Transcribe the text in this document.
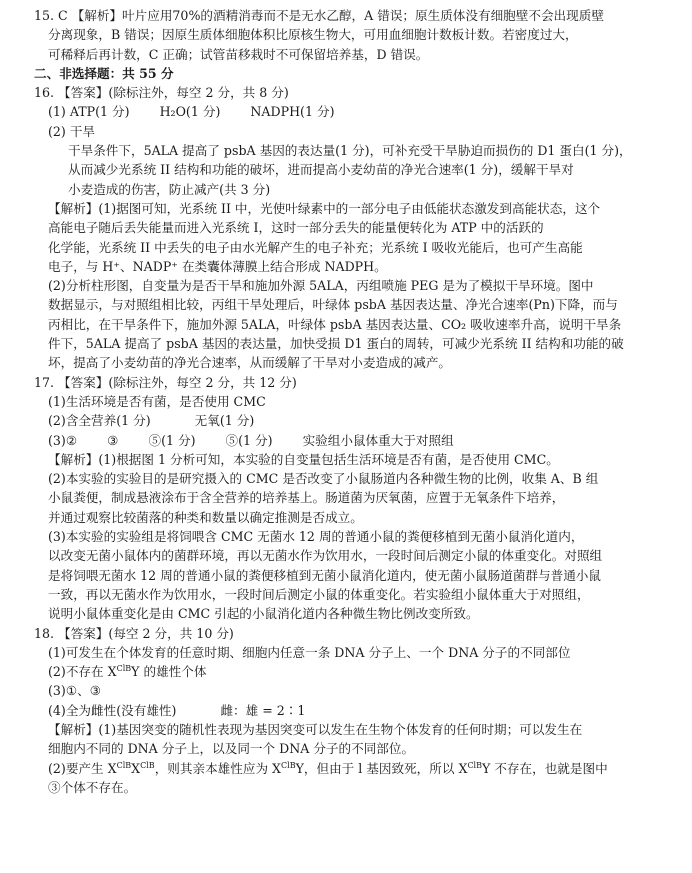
15. C 【解析】叶片应用70%的酒精消毒而不是无水乙醇，A 错误；原生质体没有细胞壁不会出现质壁
分离现象，B 错误；因原生质体细胞体积比原核生物大，可用血细胞计数板计数。若密度过大，
可稀释后再计数，C 正确；试管苗移栽时不可保留培养基，D 错误。
二、非选择题：共 55 分
16. 【答案】(除标注外，每空 2 分，共 8 分)
(1) ATP(1 分) H₂O(1 分) NADPH(1 分)
(2) 干旱
干旱条件下，5ALA 提高了 psbA 基因的表达量(1 分)，可补充受干旱胁迫而损伤的 D1 蛋白(1 分)，
从而减少光系统 II 结构和功能的破坏，进而提高小麦幼苗的净光合速率(1 分)，缓解干旱对
小麦造成的伤害，防止减产(共 3 分)
【解析】(1)据图可知，光系统 II 中，光使叶绿素中的一部分电子由低能状态激发到高能状态，这个
高能电子随后丢失能量而进入光系统 I，这时一部分丢失的能量便转化为 ATP 中的活跃的
化学能，光系统 II 中丢失的电子由水光解产生的电子补充；光系统 I 吸收光能后，也可产生高能
电子，与 H⁺、NADP⁺ 在类囊体薄膜上结合形成 NADPH。
(2)分析柱形图，自变量为是否干旱和施加外源 5ALA，丙组喷施 PEG 是为了模拟干旱环境。图中
数据显示，与对照组相比较，丙组干旱处理后，叶绿体 psbA 基因表达量、净光合速率(Pn)下降，而与
丙相比，在干旱条件下，施加外源 5ALA，叶绿体 psbA 基因表达量、CO₂ 吸收速率升高，说明干旱条
件下，5ALA 提高了 psbA 基因的表达量，加快受损 D1 蛋白的周转，可减少光系统 II 结构和功能的破
坏，提高了小麦幼苗的净光合速率，从而缓解了干旱对小麦造成的减产。
17. 【答案】(除标注外，每空 2 分，共 12 分)
(1)生活环境是否有菌，是否使用 CMC
(2)含全营养(1 分)	无氧(1 分)
(3)② ③ ⑤(1 分) ⑤(1 分) 实验组小鼠体重大于对照组
【解析】(1)根据图 1 分析可知，本实验的自变量包括生活环境是否有菌，是否使用 CMC。
(2)本实验的实验目的是研究摄入的 CMC 是否改变了小鼠肠道内各种微生物的比例，收集 A、B 组
小鼠粪便，制成悬液涂布于含全营养的培养基上。肠道菌为厌氧菌，应置于无氧条件下培养，
并通过观察比较菌落的种类和数量以确定推测是否成立。
(3)本实验的实验组是将饲喂含 CMC 无菌水 12 周的普通小鼠的粪便移植到无菌小鼠消化道内，
以改变无菌小鼠体内的菌群环境，再以无菌水作为饮用水，一段时间后测定小鼠的体重变化。对照组
是将饲喂无菌水 12 周的普通小鼠的粪便移植到无菌小鼠消化道内，使无菌小鼠肠道菌群与普通小鼠
一致，再以无菌水作为饮用水，一段时间后测定小鼠的体重变化。若实验组小鼠体重大于对照组，
说明小鼠体重变化是由 CMC 引起的小鼠消化道内各种微生物比例改变所致。
18. 【答案】(每空 2 分，共 10 分)
(1)可发生在个体发育的任意时期、细胞内任意一条 DNA 分子上、一个 DNA 分子的不同部位
(2)不存在 $X^{ClB}Y$ 的雄性个体
(3)①、③
(4)全为雌性(没有雄性)	雌：雄 = 2∶1
【解析】(1)基因突变的随机性表现为基因突变可以发生在生物个体发育的任何时期；可以发生在
细胞内不同的 DNA 分子上，以及同一个 DNA 分子的不同部位。
(2)要产生 $X^{ClB}X^{ClB}$，则其亲本雄性应为 $X^{ClB}Y$，但由于 l 基因致死，所以 $X^{ClB}Y$ 不存在，也就是图中
③个体不存在。
